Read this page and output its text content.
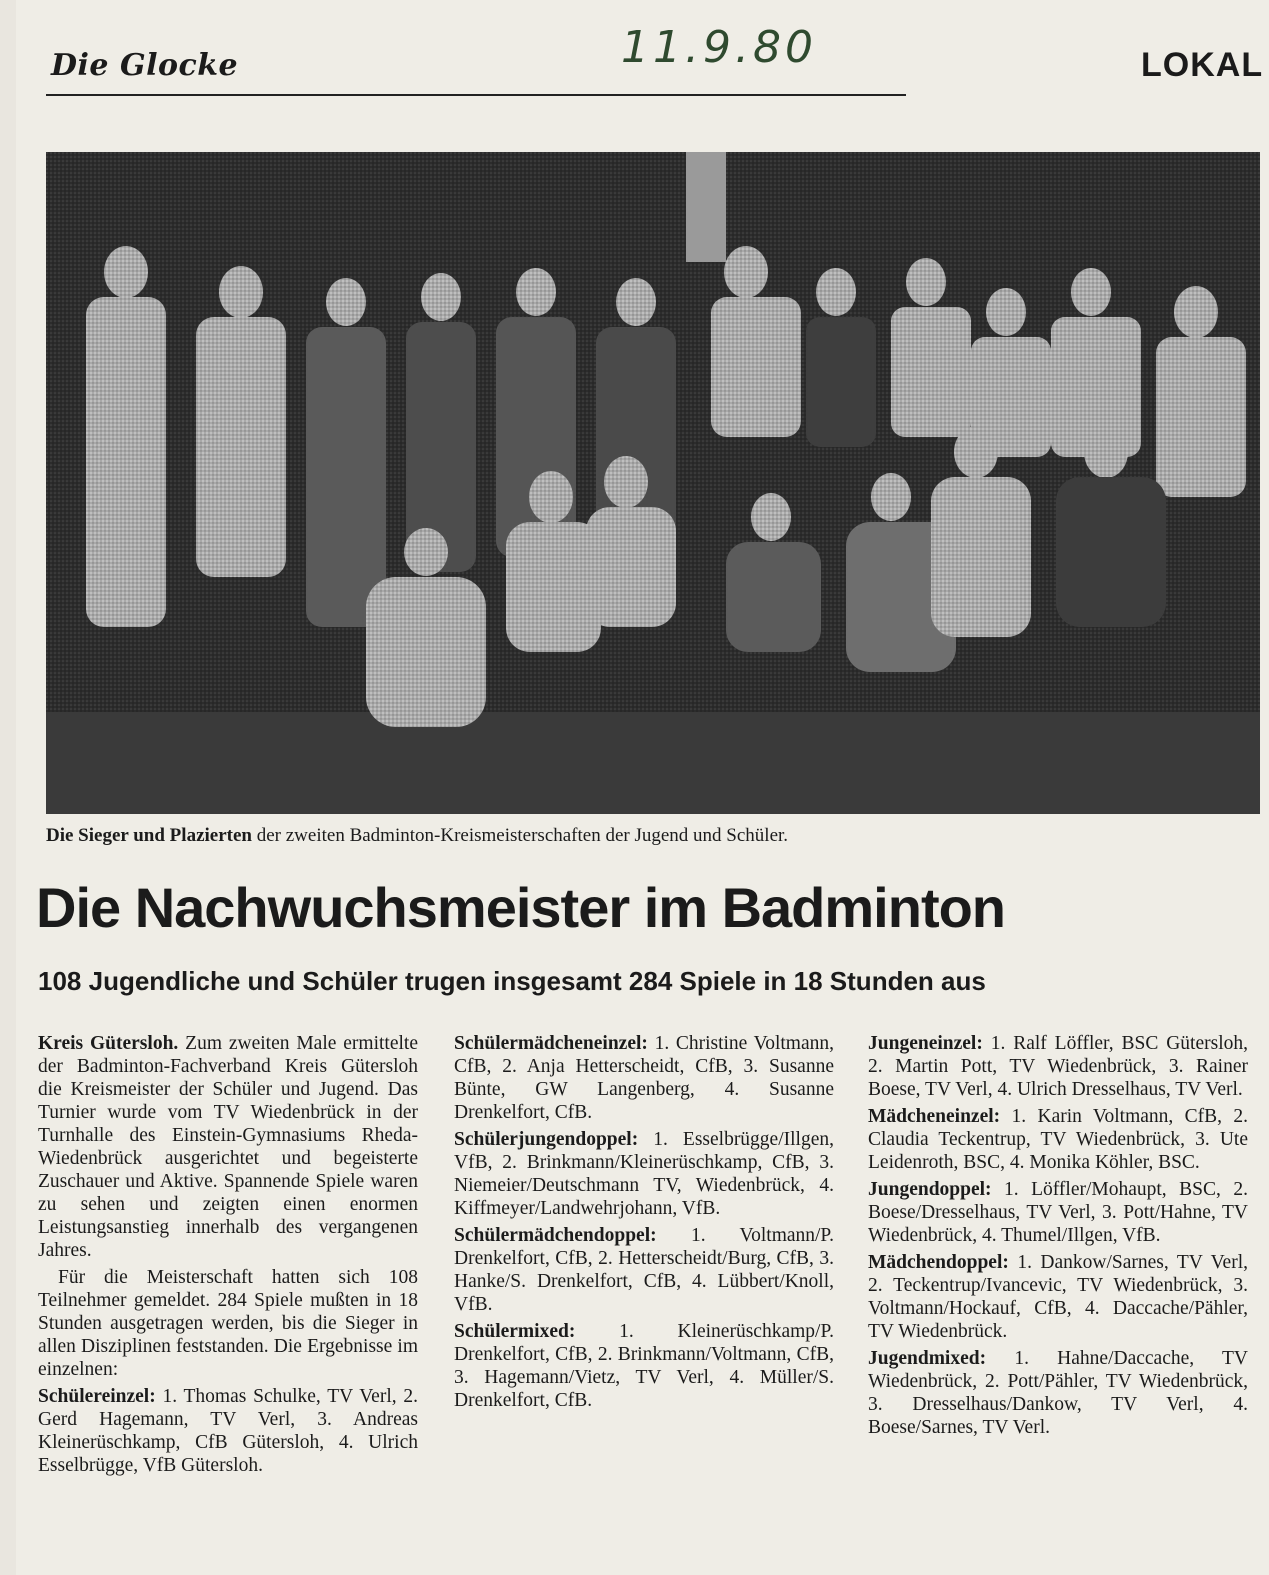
Die Glocke	11.9.80	LOKAL
Die Sieger und Plazierten der zweiten Badminton-Kreismeisterschaften der Jugend und Schüler.
Die Nachwuchsmeister im Badminton
108 Jugendliche und Schüler trugen insgesamt 284 Spiele in 18 Stunden aus

Kreis Gütersloh. Zum zweiten Male ermittelte der Badminton-Fachverband Kreis Gütersloh die Kreismeister der Schüler und Jugend. Das Turnier wurde vom TV Wiedenbrück in der Turnhalle des Einstein-Gymnasiums Rheda-Wiedenbrück ausgerichtet und begeisterte Zuschauer und Aktive. Spannende Spiele waren zu sehen und zeigten einen enormen Leistungsanstieg innerhalb des vergangenen Jahres.

Für die Meisterschaft hatten sich 108 Teilnehmer gemeldet. 284 Spiele mußten in 18 Stunden ausgetragen werden, bis die Sieger in allen Disziplinen feststanden. Die Ergebnisse im einzelnen:

Schülereinzel: 1. Thomas Schulke, TV Verl, 2. Gerd Hagemann, TV Verl, 3. Andreas Kleinerüschkamp, CfB Gütersloh, 4. Ulrich Esselbrügge, VfB Gütersloh.

Schülermädcheneinzel: 1. Christine Voltmann, CfB, 2. Anja Hetterscheidt, CfB, 3. Susanne Bünte, GW Langenberg, 4. Susanne Drenkelfort, CfB.

Schülerjungendoppel: 1. Esselbrügge/Illgen, VfB, 2. Brinkmann/Kleinerüschkamp, CfB, 3. Niemeier/Deutschmann TV, Wiedenbrück, 4. Kiffmeyer/Landwehrjohann, VfB.

Schülermädchendoppel: 1. Voltmann/P. Drenkelfort, CfB, 2. Hetterscheidt/Burg, CfB, 3. Hanke/S. Drenkelfort, CfB, 4. Lübbert/Knoll, VfB.

Schülermixed: 1. Kleinerüschkamp/P. Drenkelfort, CfB, 2. Brinkmann/Voltmann, CfB, 3. Hagemann/Vietz, TV Verl, 4. Müller/S. Drenkelfort, CfB.

Jungeneinzel: 1. Ralf Löffler, BSC Gütersloh, 2. Martin Pott, TV Wiedenbrück, 3. Rainer Boese, TV Verl, 4. Ulrich Dresselhaus, TV Verl.

Mädcheneinzel: 1. Karin Voltmann, CfB, 2. Claudia Teckentrup, TV Wiedenbrück, 3. Ute Leidenroth, BSC, 4. Monika Köhler, BSC.

Jungendoppel: 1. Löffler/Mohaupt, BSC, 2. Boese/Dresselhaus, TV Verl, 3. Pott/Hahne, TV Wiedenbrück, 4. Thumel/Illgen, VfB.

Mädchendoppel: 1. Dankow/Sarnes, TV Verl, 2. Teckentrup/Ivancevic, TV Wiedenbrück, 3. Voltmann/Hockauf, CfB, 4. Daccache/Pähler, TV Wiedenbrück.

Jugendmixed: 1. Hahne/Daccache, TV Wiedenbrück, 2. Pott/Pähler, TV Wiedenbrück, 3. Dresselhaus/Dankow, TV Verl, 4. Boese/Sarnes, TV Verl.
